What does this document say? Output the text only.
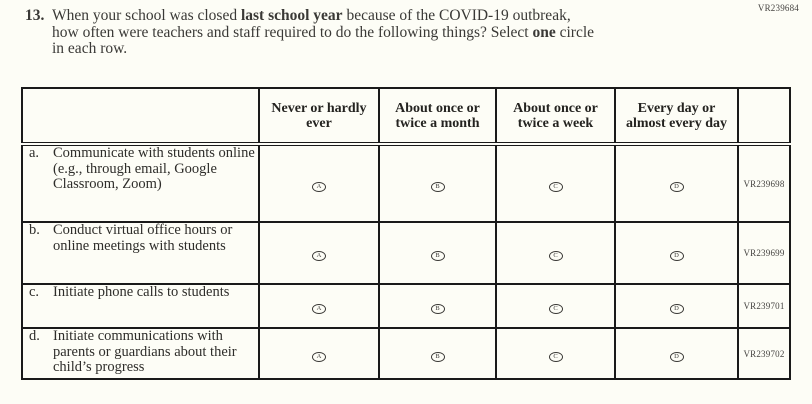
VR239684
13. When your school was closed last school year because of the COVID-19 outbreak,
how often were teachers and staff required to do the following things? Select one circle
in each row.
	Never or hardly ever	About once or twice a month	About once or twice a week	Every day or almost every day	

a. Communicate with students online (e.g., through email, Google Classroom, Zoom)	A	B	C	D	VR239698

b. Conduct virtual office hours or online meetings with students	A	B	C	D	VR239699

c. Initiate phone calls to students	A	B	C	D	VR239701

d. Initiate communications with parents or guardians about their child’s progress	A	B	C	D	VR239702
